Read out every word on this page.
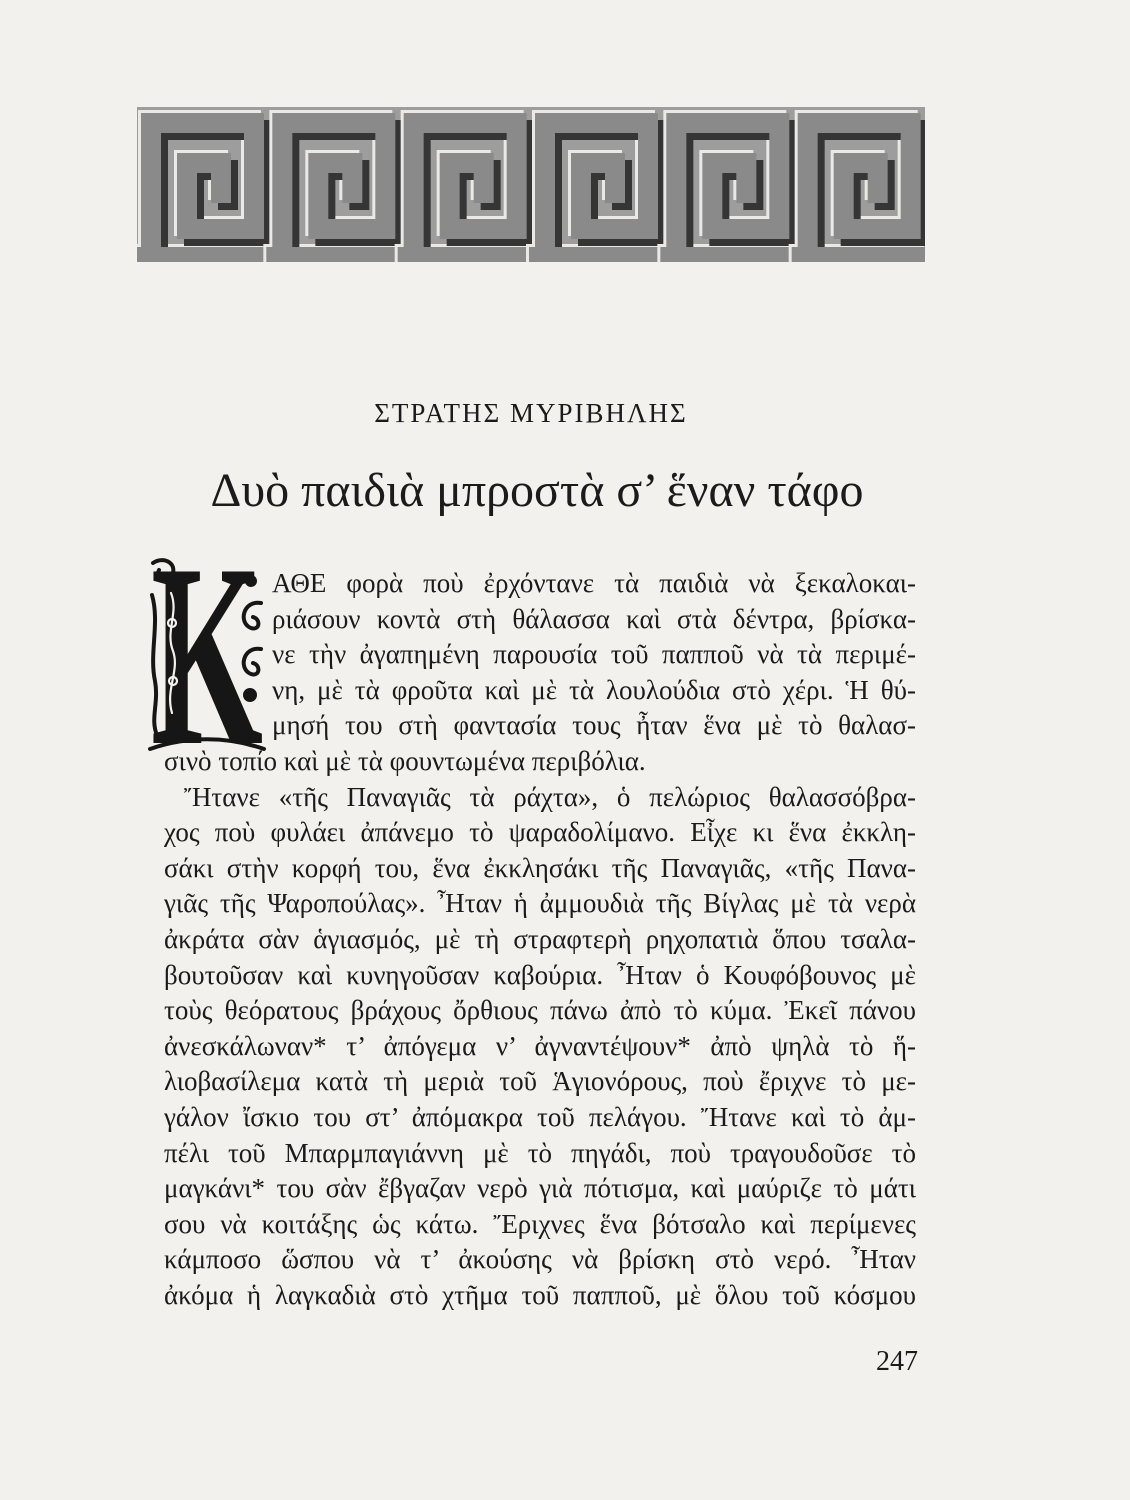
ΣΤΡΑΤΗΣ ΜΥΡΙΒΗΛΗΣ
Δυὸ παιδιὰ μπροστὰ σ’ ἕναν τάφο
Κ ΑΘΕ φορὰ ποὺ ἐρχόντανε τὰ παιδιὰ νὰ ξεκαλοκαι-
ριάσουν κοντὰ στὴ θάλασσα καὶ στὰ δέντρα, βρίσκα-
νε τὴν ἀγαπημένη παρουσία τοῦ παπποῦ νὰ τὰ περιμέ-
νη, μὲ τὰ φροῦτα καὶ μὲ τὰ λουλούδια στὸ χέρι. Ἡ θύ-
μησή του στὴ φαντασία τους ἦταν ἕνα μὲ τὸ θαλασ-
σινὸ τοπίο καὶ μὲ τὰ φουντωμένα περιβόλια.
Ἤτανε «τῆς Παναγιᾶς τὰ ράχτα», ὁ πελώριος θαλασσόβρα-
χος ποὺ φυλάει ἀπάνεμο τὸ ψαραδολίμανο. Εἶχε κι ἕνα ἐκκλη-
σάκι στὴν κορφή του, ἕνα ἐκκλησάκι τῆς Παναγιᾶς, «τῆς Πανα-
γιᾶς τῆς Ψαροπούλας». Ἦταν ἡ ἀμμουδιὰ τῆς Βίγλας μὲ τὰ νερὰ
ἀκράτα σὰν ἁγιασμός, μὲ τὴ στραφτερὴ ρηχοπατιὰ ὅπου τσαλα-
βουτοῦσαν καὶ κυνηγοῦσαν καβούρια. Ἦταν ὁ Κουφόβουνος μὲ
τοὺς θεόρατους βράχους ὄρθιους πάνω ἀπὸ τὸ κύμα. Ἐκεῖ πάνου
ἀνεσκάλωναν* τ’ ἀπόγεμα ν’ ἀγναντέψουν* ἀπὸ ψηλὰ τὸ ἥ-
λιοβασίλεμα κατὰ τὴ μεριὰ τοῦ Ἁγιονόρους, ποὺ ἔριχνε τὸ με-
γάλον ἴσκιο του στ’ ἀπόμακρα τοῦ πελάγου. Ἤτανε καὶ τὸ ἀμ-
πέλι τοῦ Μπαρμπαγιάννη μὲ τὸ πηγάδι, ποὺ τραγουδοῦσε τὸ
μαγκάνι* του σὰν ἔβγαζαν νερὸ γιὰ πότισμα, καὶ μαύριζε τὸ μάτι
σου νὰ κοιτάξης ὡς κάτω. Ἔριχνες ἕνα βότσαλο καὶ περίμενες
κάμποσο ὥσπου νὰ τ’ ἀκούσης νὰ βρίσκη στὸ νερό. Ἦταν
ἀκόμα ἡ λαγκαδιὰ στὸ χτῆμα τοῦ παπποῦ, μὲ ὅλου τοῦ κόσμου
247
